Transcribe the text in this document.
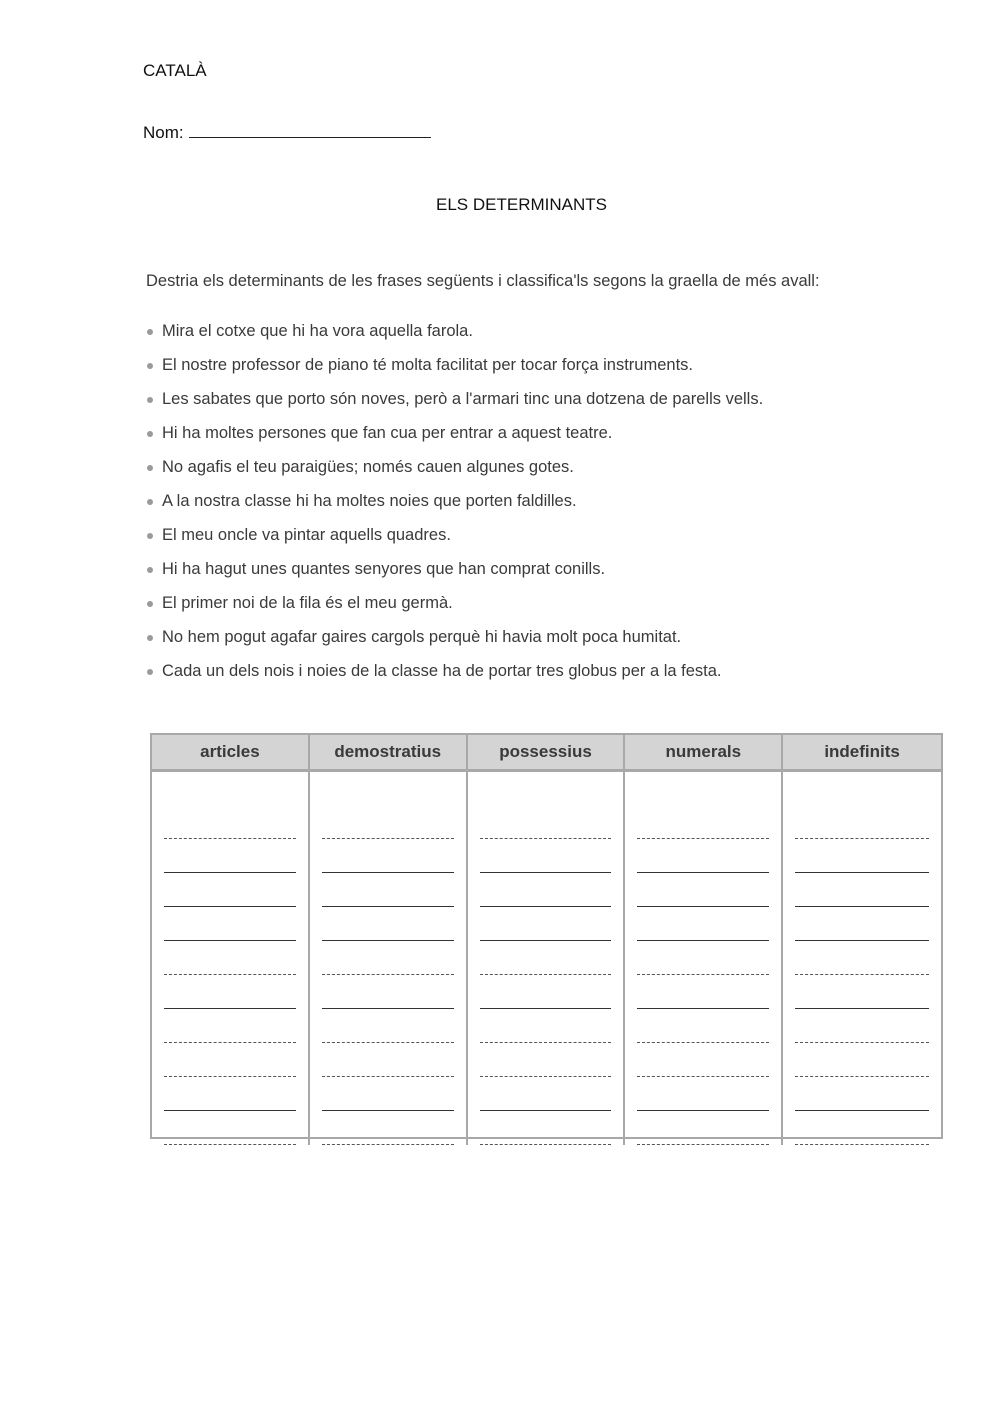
CATALÀ
Nom:
ELS DETERMINANTS
Destria els determinants de les frases següents i classifica'ls segons la graella de més avall:
Mira el cotxe que hi ha vora aquella farola.
El nostre professor de piano té molta facilitat per tocar força instruments.
Les sabates que porto són noves, però a l'armari tinc una dotzena de parells vells.
Hi ha moltes persones que fan cua per entrar a aquest teatre.
No agafis el teu paraigües; només cauen algunes gotes.
A la nostra classe hi ha moltes noies que porten faldilles.
El meu oncle va pintar aquells quadres.
Hi ha hagut unes quantes senyores que han comprat conills.
El primer noi de la fila és el meu germà.
No hem pogut agafar gaires cargols perquè hi havia molt poca humitat.
Cada un dels nois i noies de la classe ha de portar tres globus per a la festa.
articles	demostratius	possessius	numerals	indefinits
